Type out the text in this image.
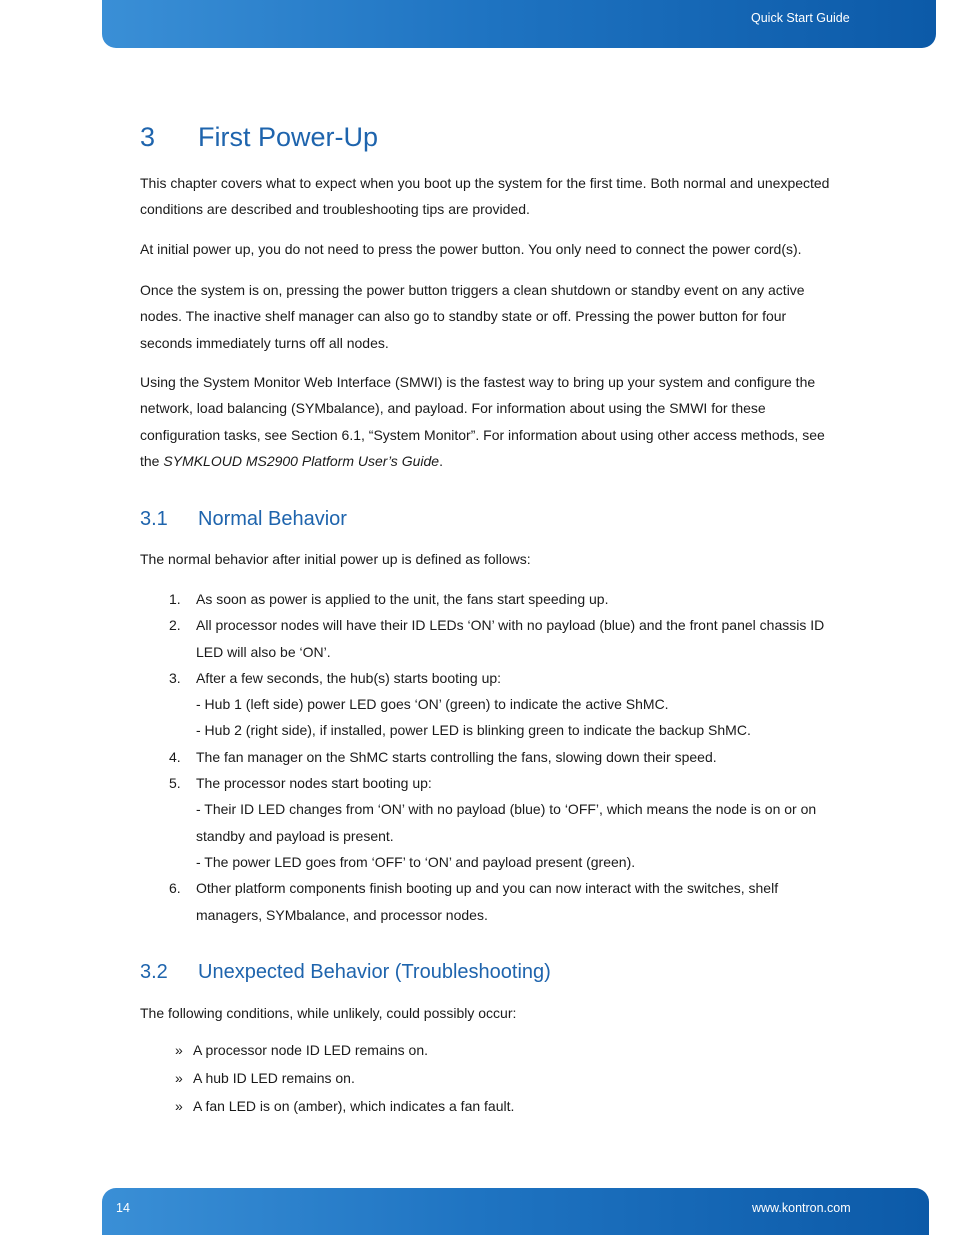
Quick Start Guide
3 First Power-Up

This chapter covers what to expect when you boot up the system for the first time. Both normal and unexpected conditions are described and troubleshooting tips are provided.

At initial power up, you do not need to press the power button. You only need to connect the power cord(s).

Once the system is on, pressing the power button triggers a clean shutdown or standby event on any active nodes. The inactive shelf manager can also go to standby state or off. Pressing the power button for four seconds immediately turns off all nodes.

Using the System Monitor Web Interface (SMWI) is the fastest way to bring up your system and configure the network, load balancing (SYMbalance), and payload. For information about using the SMWI for these configuration tasks, see Section 6.1, “System Monitor”. For information about using other access methods, see the SYMKLOUD MS2900 Platform User’s Guide.

3.1 Normal Behavior

The normal behavior after initial power up is defined as follows:

1. As soon as power is applied to the unit, the fans start speeding up.
2. All processor nodes will have their ID LEDs ‘ON’ with no payload (blue) and the front panel chassis ID LED will also be ‘ON’.
3. After a few seconds, the hub(s) starts booting up:
- Hub 1 (left side) power LED goes ‘ON’ (green) to indicate the active ShMC.
- Hub 2 (right side), if installed, power LED is blinking green to indicate the backup ShMC.
4. The fan manager on the ShMC starts controlling the fans, slowing down their speed.
5. The processor nodes start booting up:
- Their ID LED changes from ‘ON’ with no payload (blue) to ‘OFF’, which means the node is on or on standby and payload is present.
- The power LED goes from ‘OFF’ to ‘ON’ and payload present (green).
6. Other platform components finish booting up and you can now interact with the switches, shelf managers, SYMbalance, and processor nodes.
3.2 Unexpected Behavior (Troubleshooting)

The following conditions, while unlikely, could possibly occur:

» A processor node ID LED remains on.
» A hub ID LED remains on.
» A fan LED is on (amber), which indicates a fan fault.
14	www.kontron.com
